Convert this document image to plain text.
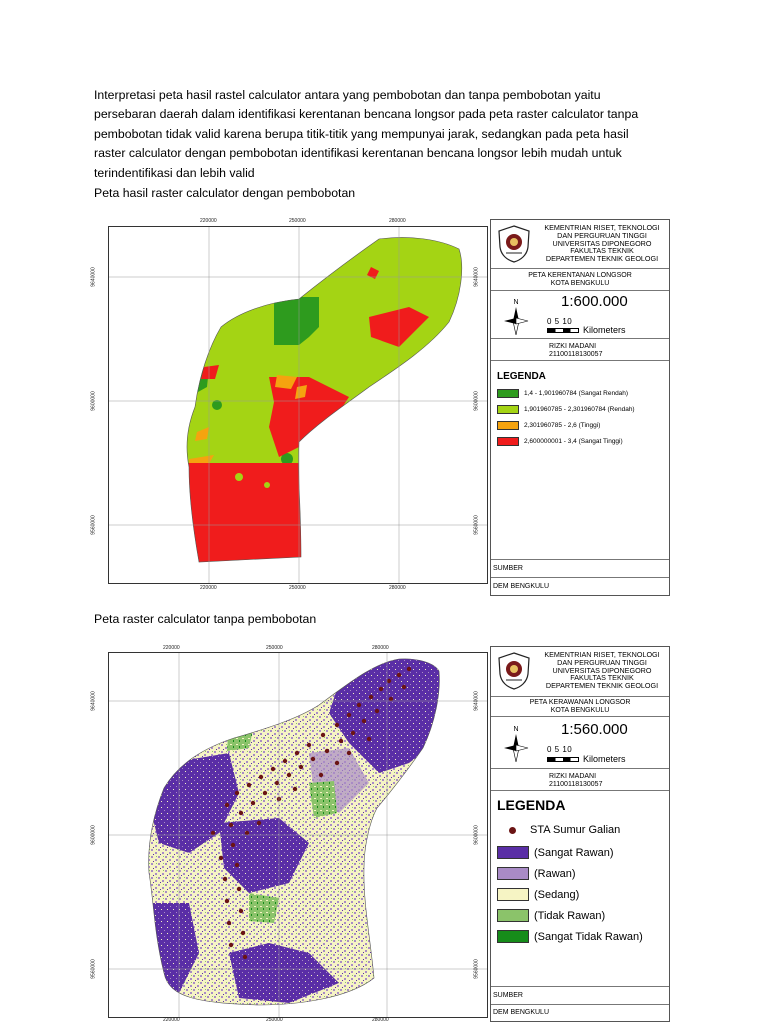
Interpretasi peta hasil rastel calculator antara yang pembobotan dan tanpa pembobotan yaitu
persebaran daerah dalam identifikasi kerentanan bencana longsor pada peta raster calculator tanpa
pembobotan tidak valid karena berupa titik-titik yang mempunyai jarak, sedangkan pada peta hasil
raster calculator dengan pembobotan identifikasi kerentanan bencana longsor lebih mudah untuk
terindentifikasi dan lebih valid
Peta hasil raster calculator dengan pembobotan
220000	250000	280000
220000	250000	280000
9640000
9600000
9560000
9640000
9600000
9560000
KEMENTRIAN RISET, TEKNOLOGI
DAN PERGURUAN TINGGI
UNIVERSITAS DIPONEGORO
FAKULTAS TEKNIK
DEPARTEMEN TEKNIK GEOLOGI
PETA KERENTANAN LONGSOR
KOTA BENGKULU
N	1:600.000
0 5 10
Kilometers
RIZKI MADANI
21100118130057
LEGENDA
1,4 - 1,901960784 (Sangat Rendah)
1,901960785 - 2,301960784 (Rendah)
2,301960785 - 2,6 (Tinggi)
2,600000001 - 3,4 (Sangat Tinggi)
SUMBER
DEM BENGKULU
Peta raster calculator tanpa pembobotan
220000	250000	280000
220000	250000	280000
9640000
9600000
9560000
9640000
9600000
9560000
KEMENTRIAN RISET, TEKNOLOGI
DAN PERGURUAN TINGGI
UNIVERSITAS DIPONEGORO
FAKULTAS TEKNIK
DEPARTEMEN TEKNIK GEOLOGI
PETA KERAWANAN LONGSOR
KOTA BENGKULU
N	1:560.000
0 5 10
Kilometers
RIZKI MADANI
21100118130057
LEGENDA
STA Sumur Galian
(Sangat Rawan)
(Rawan)
(Sedang)
(Tidak Rawan)
(Sangat Tidak Rawan)
SUMBER
DEM BENGKULU
